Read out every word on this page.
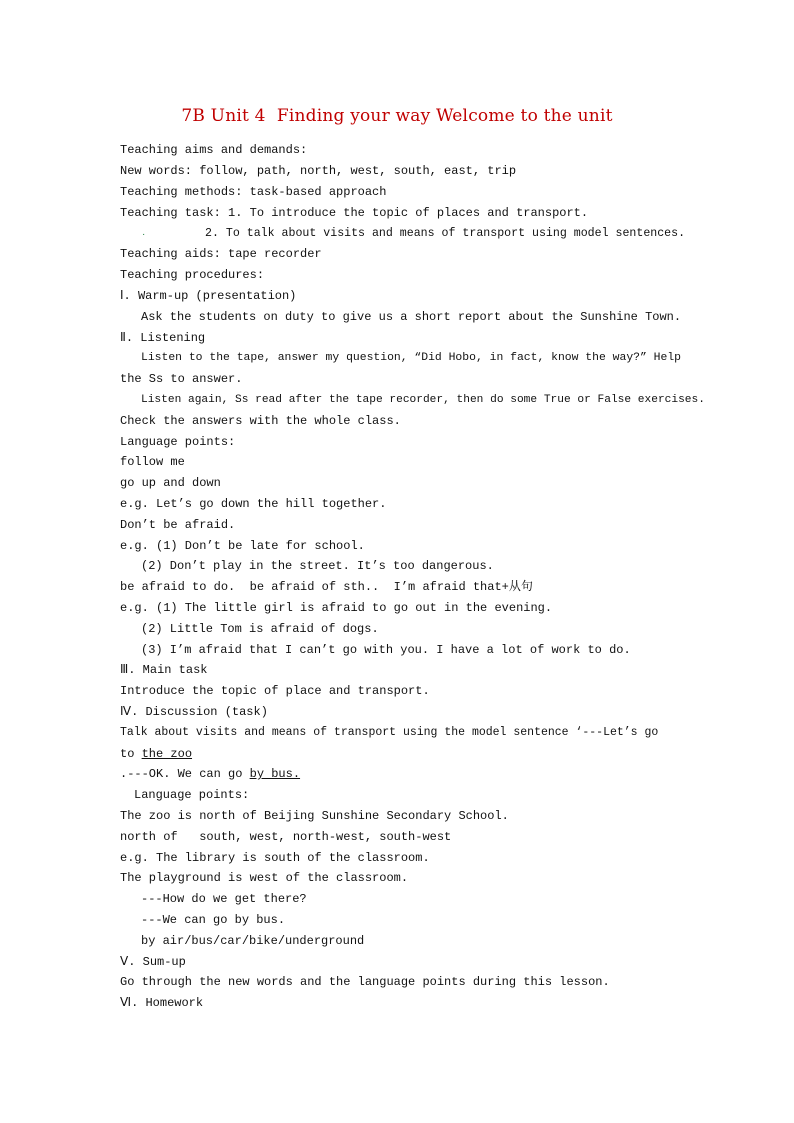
7B Unit 4  Finding your way Welcome to the unit
Teaching aims and demands:
New words: follow, path, north, west, south, east, trip
Teaching methods: task-based approach
Teaching task: 1. To introduce the topic of places and transport.
·	2. To talk about visits and means of transport using model sentences.
Teaching aids: tape recorder
Teaching procedures:
Ⅰ. Warm-up (presentation)
Ask the students on duty to give us a short report about the Sunshine Town.
Ⅱ. Listening
Listen to the tape, answer my question, “Did Hobo, in fact, know the way?” Help
the Ss to answer.
Listen again, Ss read after the tape recorder, then do some True or False exercises.
Check the answers with the whole class.
Language points:
follow me
go up and down
e.g. Let’s go down the hill together.
Don’t be afraid.
e.g. (1) Don’t be late for school.
(2) Don’t play in the street. It’s too dangerous.
be afraid to do.  be afraid of sth..  I’m afraid that+从句
e.g. (1) The little girl is afraid to go out in the evening.
(2) Little Tom is afraid of dogs.
(3) I’m afraid that I can’t go with you. I have a lot of work to do.
Ⅲ. Main task
Introduce the topic of place and transport.
Ⅳ. Discussion (task)
Talk about visits and means of transport using the model sentence ‘---Let’s go
to the zoo
.---OK. We can go by bus.
Language points:
The zoo is north of Beijing Sunshine Secondary School.
north of   south, west, north-west, south-west
e.g. The library is south of the classroom.
The playground is west of the classroom.
---How do we get there?
---We can go by bus.
by air/bus/car/bike/underground
Ⅴ. Sum-up
Go through the new words and the language points during this lesson.
Ⅵ. Homework
